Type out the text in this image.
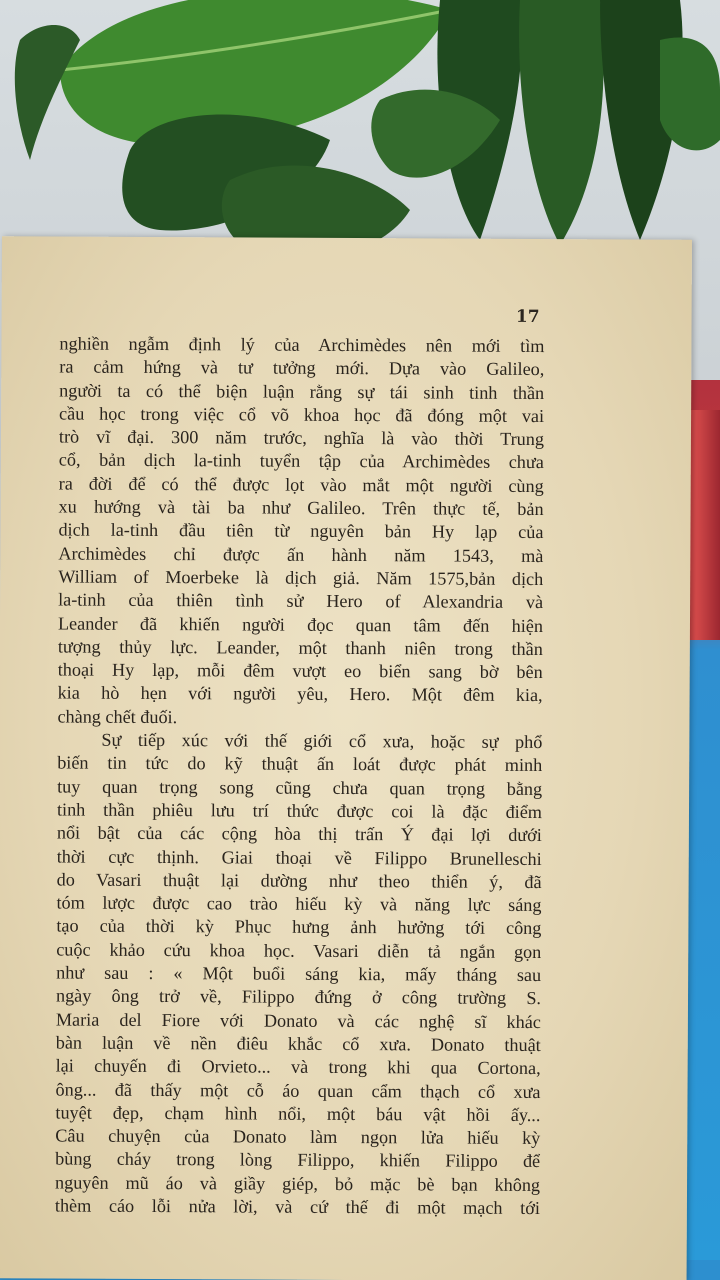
17

nghiền ngẫm định lý của Archimèdes nên mới tìm
ra cảm hứng và tư tưởng mới. Dựa vào Galileo,
người ta có thể biện luận rằng sự tái sinh tinh thần
cầu học trong việc cổ võ khoa học đã đóng một vai
trò vĩ đại. 300 năm trước, nghĩa là vào thời Trung
cổ, bản dịch la-tinh tuyển tập của Archimèdes chưa
ra đời để có thể được lọt vào mắt một người cùng
xu hướng và tài ba như Galileo. Trên thực tế, bản
dịch la-tinh đầu tiên từ nguyên bản Hy lạp của
Archimèdes chỉ được ấn hành năm 1543, mà
William of Moerbeke là dịch giả. Năm 1575,bản dịch
la-tinh của thiên tình sử Hero of Alexandria và
Leander đã khiến người đọc quan tâm đến hiện
tượng thủy lực. Leander, một thanh niên trong thần
thoại Hy lạp, mỗi đêm vượt eo biển sang bờ bên
kia hò hẹn với người yêu, Hero. Một đêm kia,
chàng chết đuối.
Sự tiếp xúc với thế giới cổ xưa, hoặc sự phổ
biến tin tức do kỹ thuật ấn loát được phát minh
tuy quan trọng song cũng chưa quan trọng bằng
tinh thần phiêu lưu trí thức được coi là đặc điểm
nổi bật của các cộng hòa thị trấn Ý đại lợi dưới
thời cực thịnh. Giai thoại về Filippo Brunelleschi
do Vasari thuật lại dường như theo thiển ý, đã
tóm lược được cao trào hiếu kỳ và năng lực sáng
tạo của thời kỳ Phục hưng ảnh hưởng tới công
cuộc khảo cứu khoa học. Vasari diễn tả ngắn gọn
như sau : « Một buổi sáng kia, mấy tháng sau
ngày ông trở về, Filippo đứng ở công trường S.
Maria del Fiore với Donato và các nghệ sĩ khác
bàn luận về nền điêu khắc cổ xưa. Donato thuật
lại chuyến đi Orvieto... và trong khi qua Cortona,
ông... đã thấy một cỗ áo quan cẩm thạch cổ xưa
tuyệt đẹp, chạm hình nổi, một báu vật hồi ấy...
Câu chuyện của Donato làm ngọn lửa hiếu kỳ
bùng cháy trong lòng Filippo, khiến Filippo để
nguyên mũ áo và giầy giép, bỏ mặc bè bạn không
thèm cáo lỗi nửa lời, và cứ thế đi một mạch tới
